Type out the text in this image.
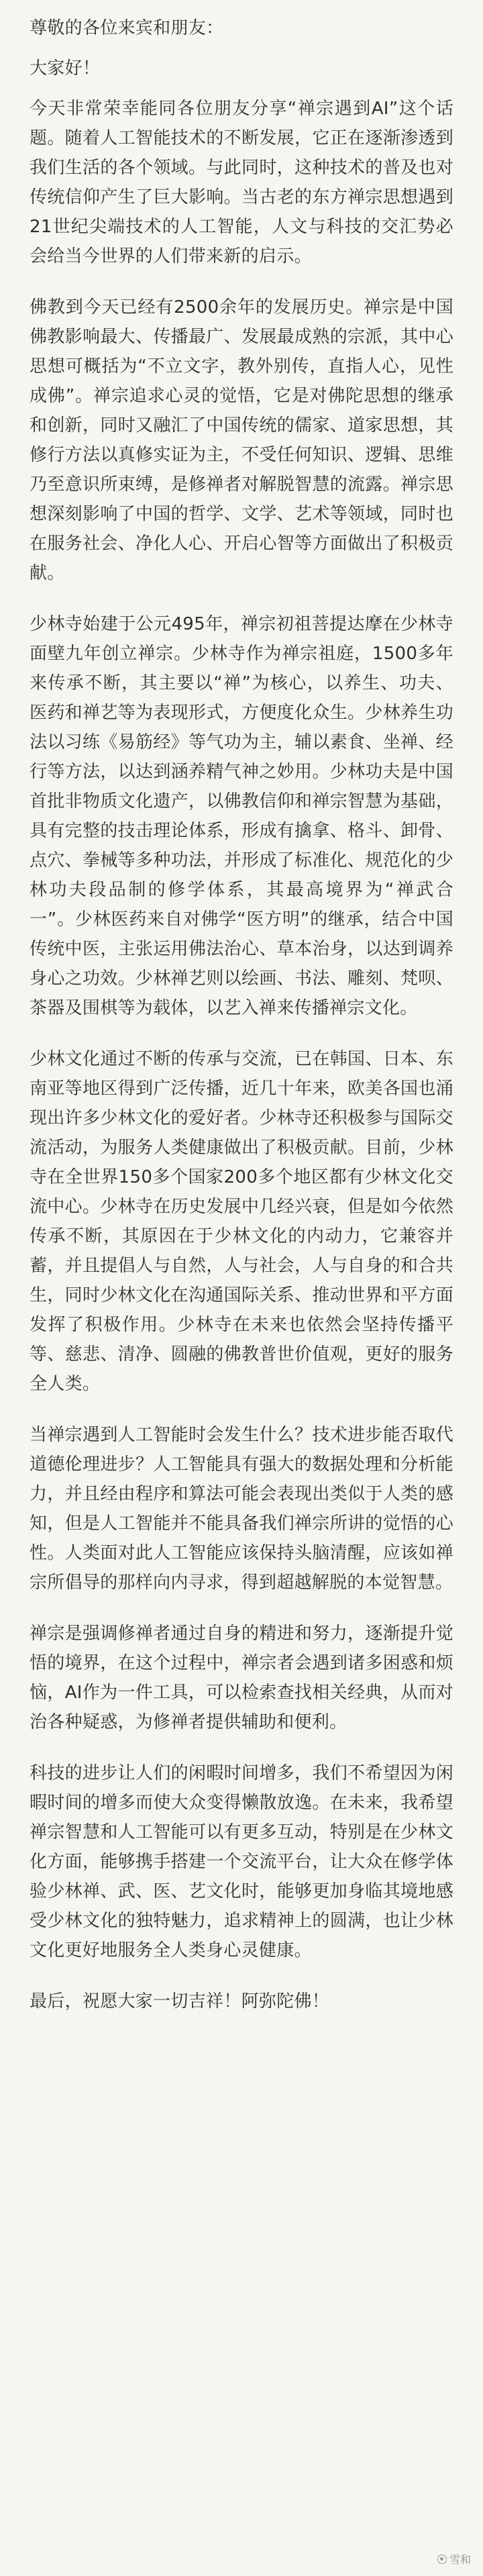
尊敬的各位来宾和朋友：

大家好！

今天非常荣幸能同各位朋友分享“禅宗遇到AI”这个话题。随着人工智能技术的不断发展，它正在逐渐渗透到我们生活的各个领域。与此同时，这种技术的普及也对传统信仰产生了巨大影响。当古老的东方禅宗思想遇到21世纪尖端技术的人工智能，人文与科技的交汇势必会给当今世界的人们带来新的启示。

佛教到今天已经有2500余年的发展历史。禅宗是中国佛教影响最大、传播最广、发展最成熟的宗派，其中心思想可概括为“不立文字，教外别传，直指人心，见性成佛”。禅宗追求心灵的觉悟，它是对佛陀思想的继承和创新，同时又融汇了中国传统的儒家、道家思想，其修行方法以真修实证为主，不受任何知识、逻辑、思维乃至意识所束缚，是修禅者对解脱智慧的流露。禅宗思想深刻影响了中国的哲学、文学、艺术等领域，同时也在服务社会、净化人心、开启心智等方面做出了积极贡献。

少林寺始建于公元495年，禅宗初祖菩提达摩在少林寺面壁九年创立禅宗。少林寺作为禅宗祖庭，1500多年来传承不断，其主要以“禅”为核心，以养生、功夫、医药和禅艺等为表现形式，方便度化众生。少林养生功法以习练《易筋经》等气功为主，辅以素食、坐禅、经行等方法，以达到涵养精气神之妙用。少林功夫是中国首批非物质文化遗产，以佛教信仰和禅宗智慧为基础，具有完整的技击理论体系，形成有擒拿、格斗、卸骨、点穴、拳械等多种功法，并形成了标准化、规范化的少林功夫段品制的修学体系，其最高境界为“禅武合一”。少林医药来自对佛学“医方明”的继承，结合中国传统中医，主张运用佛法治心、草本治身，以达到调养身心之功效。少林禅艺则以绘画、书法、雕刻、梵呗、茶器及围棋等为载体，以艺入禅来传播禅宗文化。

少林文化通过不断的传承与交流，已在韩国、日本、东南亚等地区得到广泛传播，近几十年来，欧美各国也涌现出许多少林文化的爱好者。少林寺还积极参与国际交流活动，为服务人类健康做出了积极贡献。目前，少林寺在全世界150多个国家200多个地区都有少林文化交流中心。少林寺在历史发展中几经兴衰，但是如今依然传承不断，其原因在于少林文化的内动力，它兼容并蓄，并且提倡人与自然，人与社会，人与自身的和合共生，同时少林文化在沟通国际关系、推动世界和平方面发挥了积极作用。少林寺在未来也依然会坚持传播平等、慈悲、清净、圆融的佛教普世价值观，更好的服务全人类。

当禅宗遇到人工智能时会发生什么？技术进步能否取代道德伦理进步？人工智能具有强大的数据处理和分析能力，并且经由程序和算法可能会表现出类似于人类的感知，但是人工智能并不能具备我们禅宗所讲的觉悟的心性。人类面对此人工智能应该保持头脑清醒，应该如禅宗所倡导的那样向内寻求，得到超越解脱的本觉智慧。

禅宗是强调修禅者通过自身的精进和努力，逐渐提升觉悟的境界，在这个过程中，禅宗者会遇到诸多困惑和烦恼，AI作为一件工具，可以检索查找相关经典，从而对治各种疑惑，为修禅者提供辅助和便利。

科技的进步让人们的闲暇时间增多，我们不希望因为闲暇时间的增多而使大众变得懒散放逸。在未来，我希望禅宗智慧和人工智能可以有更多互动，特别是在少林文化方面，能够携手搭建一个交流平台，让大众在修学体验少林禅、武、医、艺文化时，能够更加身临其境地感受少林文化的独特魅力，追求精神上的圆满，也让少林文化更好地服务全人类身心灵健康。

最后，祝愿大家一切吉祥！阿弥陀佛！

雪和
